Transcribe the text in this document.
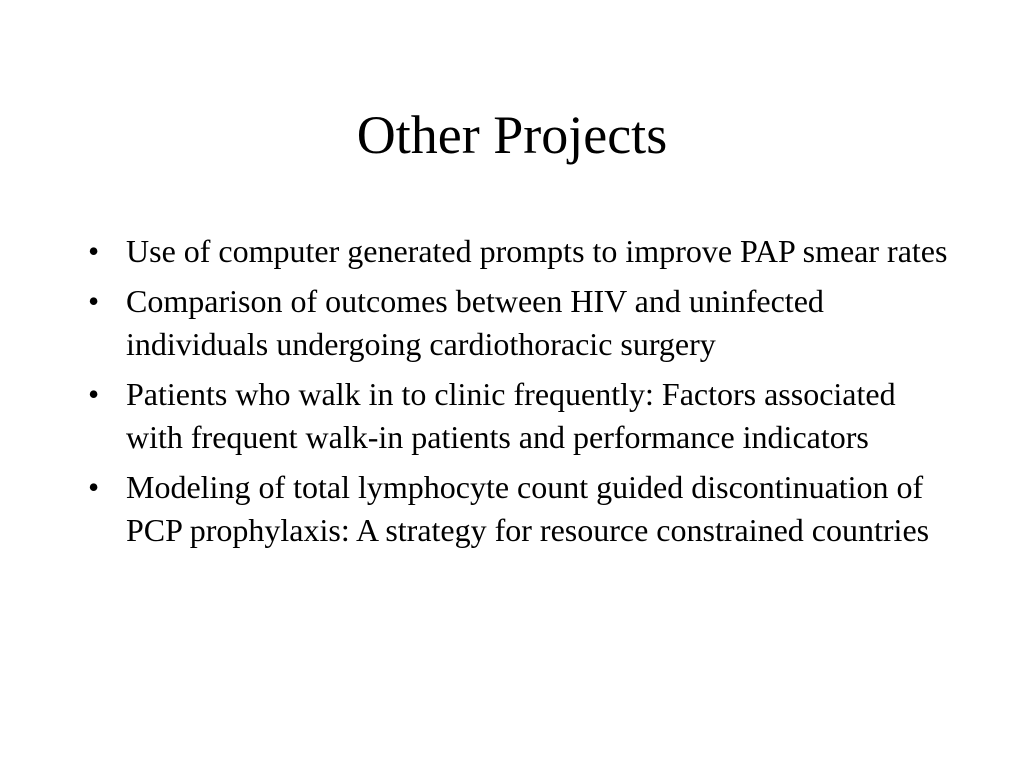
Other Projects
• Use of computer generated prompts to improve PAP smear rates
• Comparison of outcomes between HIV and uninfected individuals undergoing cardiothoracic surgery
• Patients who walk in to clinic frequently: Factors associated with frequent walk-in patients and performance indicators
• Modeling of total lymphocyte count guided discontinuation of PCP prophylaxis: A strategy for resource constrained countries
